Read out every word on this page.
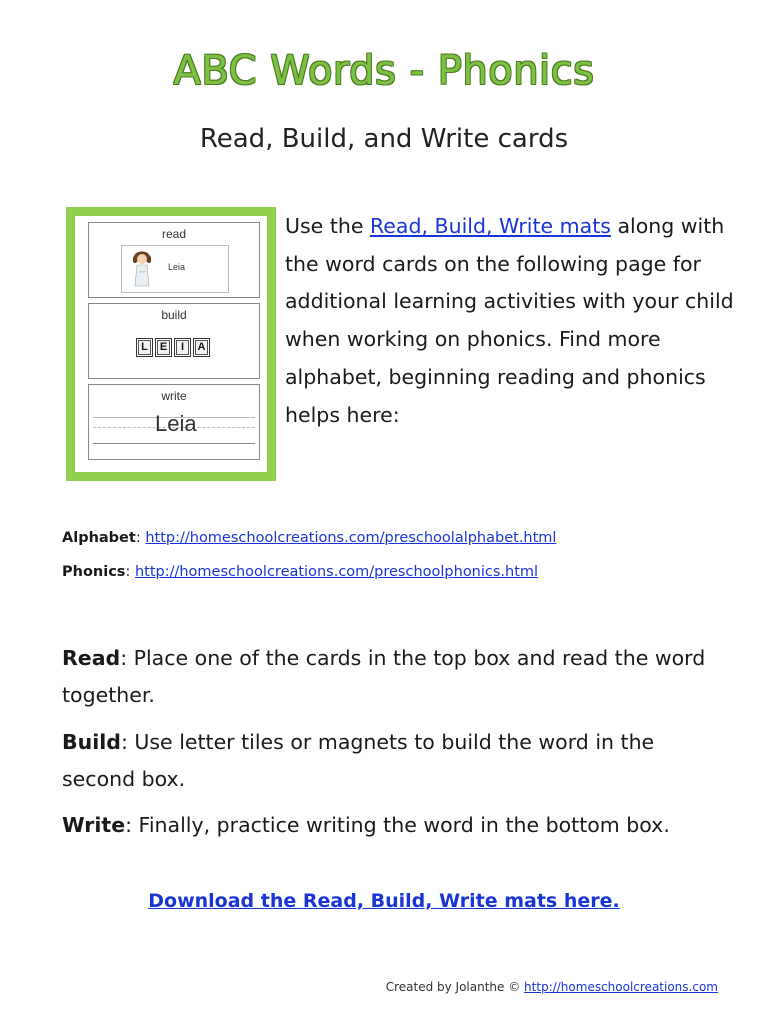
ABC Words - Phonics
Read, Build, and Write cards
read
Leia
build
L	E	I	A
write
Leia

Use the Read, Build, Write mats along with the word cards on the following page for additional learning activities with your child when working on phonics. Find more alphabet, beginning reading and phonics helps here:

Alphabet: http://homeschoolcreations.com/preschoolalphabet.html
Phonics: http://homeschoolcreations.com/preschoolphonics.html

Read: Place one of the cards in the top box and read the word together.

Build: Use letter tiles or magnets to build the word in the second box.

Write: Finally, practice writing the word in the bottom box.

Download the Read, Build, Write mats here.
Created by Jolanthe © http://homeschoolcreations.com
